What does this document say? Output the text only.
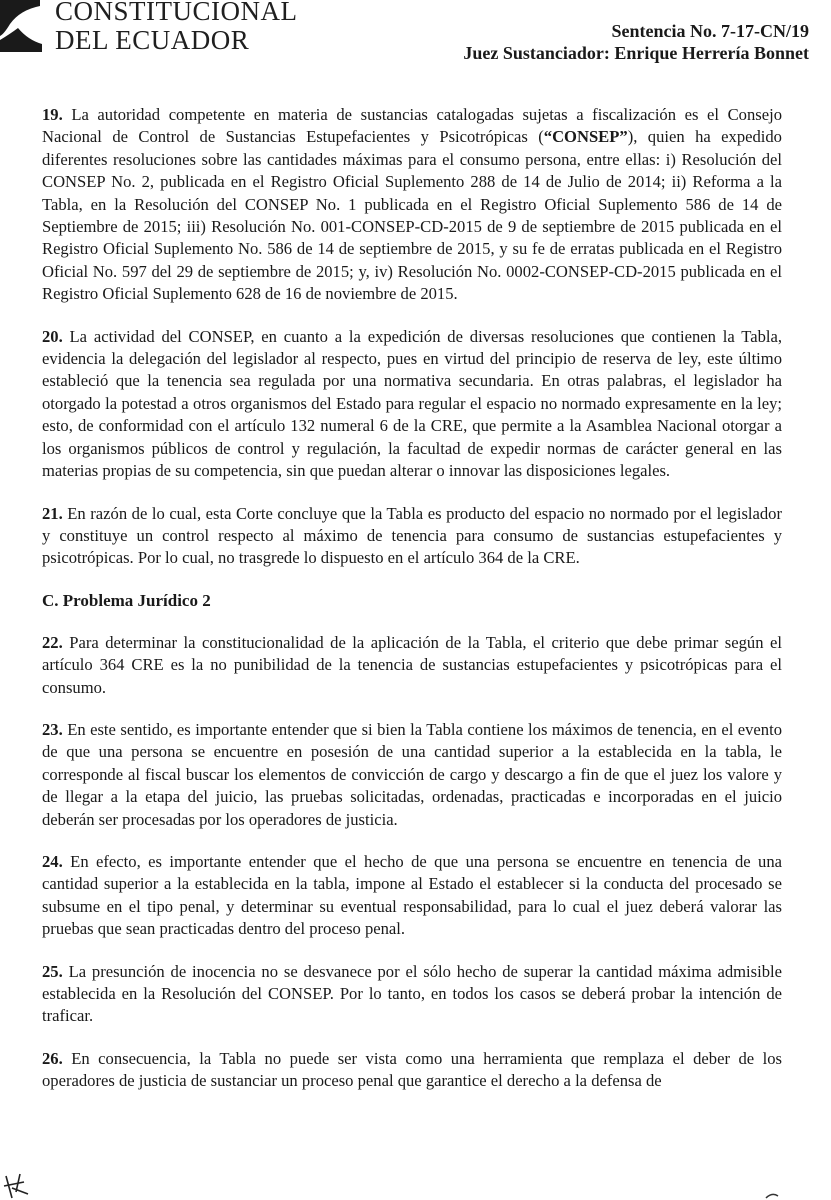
CONSTITUCIONAL
DEL ECUADOR	Sentencia No. 7-17-CN/19
Juez Sustanciador: Enrique Herrería Bonnet

19. La autoridad competente en materia de sustancias catalogadas sujetas a fiscalización es el Consejo Nacional de Control de Sustancias Estupefacientes y Psicotrópicas (“CONSEP”), quien ha expedido diferentes resoluciones sobre las cantidades máximas para el consumo persona, entre ellas: i) Resolución del CONSEP No. 2, publicada en el Registro Oficial Suplemento 288 de 14 de Julio de 2014; ii) Reforma a la Tabla, en la Resolución del CONSEP No. 1 publicada en el Registro Oficial Suplemento 586 de 14 de Septiembre de 2015; iii) Resolución No. 001-CONSEP-CD-2015 de 9 de septiembre de 2015 publicada en el Registro Oficial Suplemento No. 586 de 14 de septiembre de 2015, y su fe de erratas publicada en el Registro Oficial No. 597 del 29 de septiembre de 2015; y, iv) Resolución No. 0002-CONSEP-CD-2015 publicada en el Registro Oficial Suplemento 628 de 16 de noviembre de 2015.

20. La actividad del CONSEP, en cuanto a la expedición de diversas resoluciones que contienen la Tabla, evidencia la delegación del legislador al respecto, pues en virtud del principio de reserva de ley, este último estableció que la tenencia sea regulada por una normativa secundaria. En otras palabras, el legislador ha otorgado la potestad a otros organismos del Estado para regular el espacio no normado expresamente en la ley; esto, de conformidad con el artículo 132 numeral 6 de la CRE, que permite a la Asamblea Nacional otorgar a los organismos públicos de control y regulación, la facultad de expedir normas de carácter general en las materias propias de su competencia, sin que puedan alterar o innovar las disposiciones legales.

21. En razón de lo cual, esta Corte concluye que la Tabla es producto del espacio no normado por el legislador y constituye un control respecto al máximo de tenencia para consumo de sustancias estupefacientes y psicotrópicas. Por lo cual, no trasgrede lo dispuesto en el artículo 364 de la CRE.

C. Problema Jurídico 2

22. Para determinar la constitucionalidad de la aplicación de la Tabla, el criterio que debe primar según el artículo 364 CRE es la no punibilidad de la tenencia de sustancias estupefacientes y psicotrópicas para el consumo.

23. En este sentido, es importante entender que si bien la Tabla contiene los máximos de tenencia, en el evento de que una persona se encuentre en posesión de una cantidad superior a la establecida en la tabla, le corresponde al fiscal buscar los elementos de convicción de cargo y descargo a fin de que el juez los valore y de llegar a la etapa del juicio, las pruebas solicitadas, ordenadas, practicadas e incorporadas en el juicio deberán ser procesadas por los operadores de justicia.

24. En efecto, es importante entender que el hecho de que una persona se encuentre en tenencia de una cantidad superior a la establecida en la tabla, impone al Estado el establecer si la conducta del procesado se subsume en el tipo penal, y determinar su eventual responsabilidad, para lo cual el juez deberá valorar las pruebas que sean practicadas dentro del proceso penal.

25. La presunción de inocencia no se desvanece por el sólo hecho de superar la cantidad máxima admisible establecida en la Resolución del CONSEP. Por lo tanto, en todos los casos se deberá probar la intención de traficar.

26. En consecuencia, la Tabla no puede ser vista como una herramienta que remplaza el deber de los operadores de justicia de sustanciar un proceso penal que garantice el derecho a la defensa de
